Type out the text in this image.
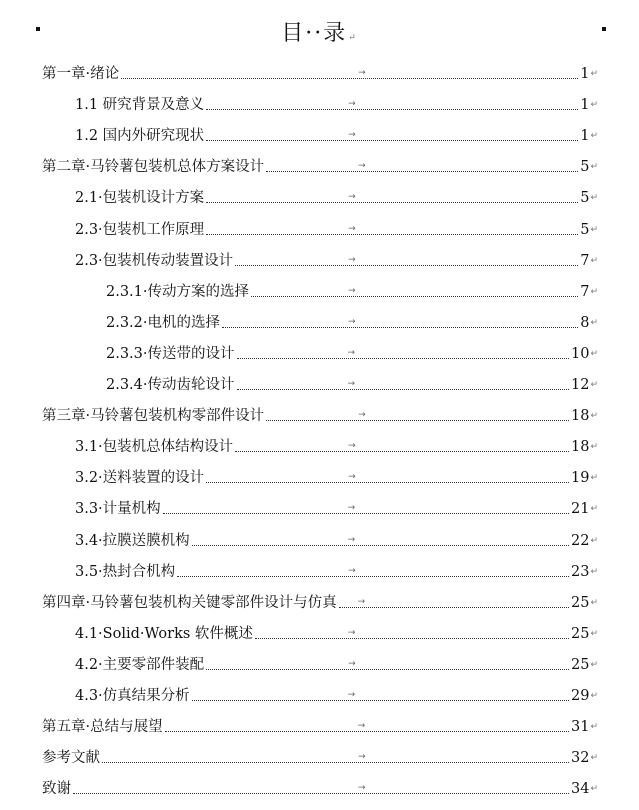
目··录↵
第一章·绪论	→	1 ↵
1.1 研究背景及意义	→	1 ↵
1.2 国内外研究现状	→	1 ↵
第二章·马铃薯包装机总体方案设计	→	5 ↵
2.1·包装机设计方案	→	5 ↵
2.3·包装机工作原理	→	5 ↵
2.3·包装机传动装置设计	→	7 ↵
2.3.1·传动方案的选择	→	7 ↵
2.3.2·电机的选择	→	8 ↵
2.3.3·传送带的设计	→	10 ↵
2.3.4·传动齿轮设计	→	12 ↵
第三章·马铃薯包装机构零部件设计	→	18 ↵
3.1·包装机总体结构设计	→	18 ↵
3.2·送料装置的设计	→	19 ↵
3.3·计量机构	→	21 ↵
3.4·拉膜送膜机构	→	22 ↵
3.5·热封合机构	→	23 ↵
第四章·马铃薯包装机构关键零部件设计与仿真 →	25 ↵
4.1·Solid·Works 软件概述	→	25 ↵
4.2·主要零部件装配	→	25 ↵
4.3·仿真结果分析	→	29 ↵
第五章·总结与展望	→	31 ↵
参考文献	→	32 ↵
致谢	→	34 ↵
